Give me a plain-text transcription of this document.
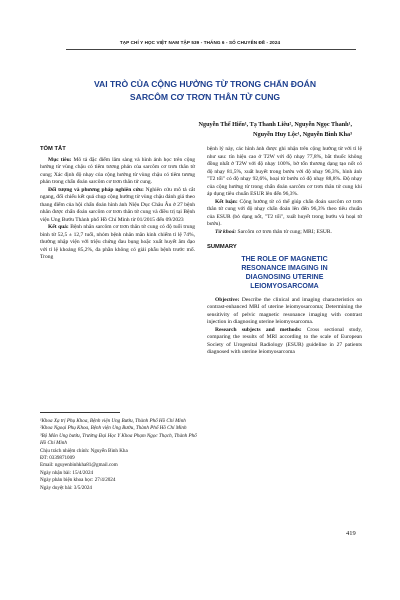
TẠP CHÍ Y HỌC VIỆT NAM TẬP 539 - THÁNG 6 - SỐ CHUYÊN ĐỀ - 2024
VAI TRÒ CỦA CỘNG HƯỞNG TỪ TRONG CHẨN ĐOÁN
SARCÔM CƠ TRƠN THÂN TỬ CUNG
Nguyễn Thế Hiển¹, Tạ Thanh Liêu², Nguyễn Ngọc Thanh¹,
Nguyễn Huy Lộc¹, Nguyễn Bình Kha³
TÓM TẮT

Mục tiêu: Mô tả đặc điểm lâm sàng và hình ảnh học trên cộng hưởng từ vùng chậu có tiêm tương phản của sarcôm cơ trơn thân tử cung; Xác định độ nhạy của cộng hưởng từ vùng chậu có tiêm tương phản trong chẩn đoán sarcôm cơ trơn thân tử cung.

Đối tượng và phương pháp nghiên cứu: Nghiên cứu mô tả cắt ngang, đối chiếu kết quả chụp cộng hưởng từ vùng chậu đánh giá theo thang điểm của hội chẩn đoán hình ảnh Niệu Dục Châu Âu ở 27 bệnh nhân được chẩn đoán sarcôm cơ trơn thân tử cung và điều trị tại Bệnh viện Ung Bướu Thành phố Hồ Chí Minh từ 01/2015 đến 09/2023

Kết quả: Bệnh nhân sarcôm cơ trơn thân tử cung có độ tuổi trung bình từ 52,5 ± 12,7 tuổi, nhóm bệnh nhân mãn kinh chiếm tỉ lệ 74%, thường nhập viện với triệu chứng đau bụng hoặc xuất huyết âm đạo với tỉ lệ khoảng 85,2%, đa phần không có giải phẫu bệnh trước mổ. Trong

¹Khoa Xạ trị Phụ Khoa, Bệnh viện Ung Bướu, Thành Phố Hồ Chí Minh
²Khoa Ngoại Phụ Khoa, Bệnh viện Ung Bướu, Thành Phố Hồ Chí Minh
³Bộ Môn Ung bướu, Trường Đại Học Y Khoa Phạm Ngọc Thạch, Thành Phố Hồ Chí Minh
Chịu trách nhiệm chính: Nguyễn Bình Kha
ĐT: 0339871009
Email: nguyenbinhkha81@gmail.com
Ngày nhận bài: 15/4/2024
Ngày phản biện khoa học: 27/4/2024
Ngày duyệt bài: 3/5/2024

bệnh lý này, các hình ảnh được ghi nhận trên cộng hưởng từ với tỉ lệ như sau: tín hiệu cao ở T2W với độ nhạy 77,8%, bắt thuốc không đồng nhất ở T2W với độ nhạy 100%, bờ tổn thương dạng tạo nốt có độ nhạy 81,5%, xuất huyết trong bướu với độ nhạy 96,3%, hình ảnh "T2 tối" có độ nhạy 92,6%, hoại tử bướu có độ nhạy 88,8%. Độ nhạy của cộng hưởng từ trong chẩn đoán sarcôm cơ trơn thân tử cung khi áp dụng tiêu chuẩn ESUR lên đến 96,3%.

Kết luận: Cộng hưởng từ có thể giúp chẩn đoán sarcôm cơ trơn thân tử cung với độ nhạy chẩn đoán lên đến 96,3% theo tiêu chuẩn của ESUR (bỏ dạng nốt, "T2 tối", xuất huyết trong bướu và hoại tử bướu).

Từ khoá: Sarcôm cơ trơn thân tử cung; MRI; ESUR.

SUMMARY
THE ROLE OF MAGNETIC
RESONANCE IMAGING IN
DIAGNOSING UTERINE
LEIOMYOSARCOMA

Objective: Describe the clinical and imaging characteristics on contrast-enhanced MRI of uterine leiomyosarcoma; Determining the sensitivity of pelvic magnetic resonance imaging with contrast injection in diagnosing uterine leiomyosarcoma.

Research subjects and methods: Cross sectional study, comparing the results of MRI according to the scale of European Society of Urogenital Radiology (ESUR) guideline in 27 patients diagnosed with uterine leiomyosarcoma

419
